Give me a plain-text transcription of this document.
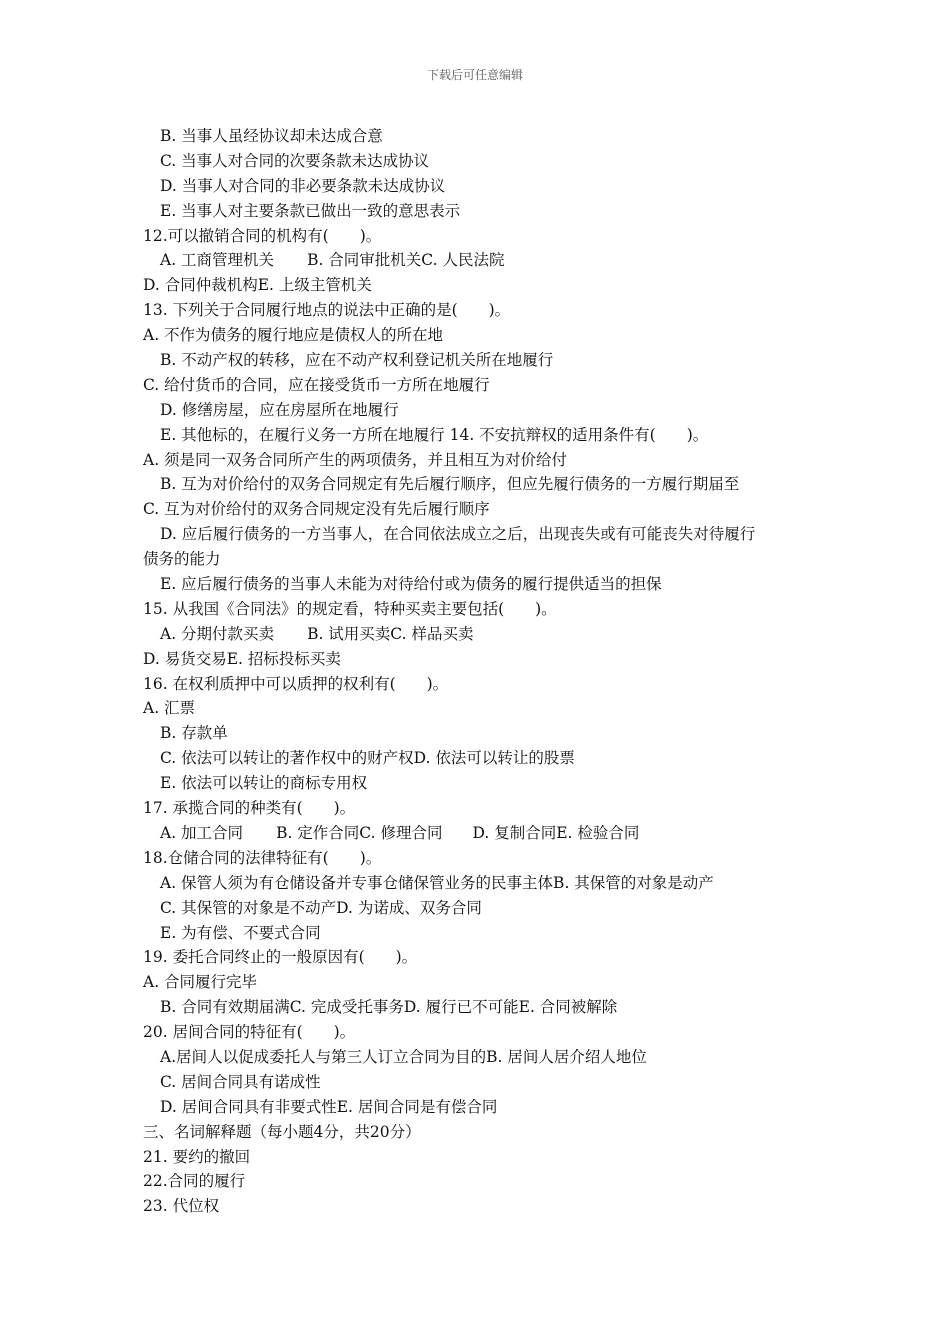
下载后可任意编辑
B. 当事人虽经协议却未达成合意
C. 当事人对合同的次要条款未达成协议
D. 当事人对合同的非必要条款未达成协议
E. 当事人对主要条款已做出一致的意思表示
12.可以撤销合同的机构有(　　)。
A. 工商管理机关 B. 合同审批机关C. 人民法院
D. 合同仲裁机构E. 上级主管机关
13. 下列关于合同履行地点的说法中正确的是(　　)。
A. 不作为债务的履行地应是债权人的所在地
B. 不动产权的转移，应在不动产权利登记机关所在地履行
C. 给付货币的合同，应在接受货币一方所在地履行
D. 修缮房屋，应在房屋所在地履行
E. 其他标的，在履行义务一方所在地履行 14. 不安抗辩权的适用条件有(　　)。
A. 须是同一双务合同所产生的两项债务，并且相互为对价给付
B. 互为对价给付的双务合同规定有先后履行顺序，但应先履行债务的一方履行期届至
C. 互为对价给付的双务合同规定没有先后履行顺序
D. 应后履行债务的一方当事人，在合同依法成立之后，出现丧失或有可能丧失对待履行
债务的能力
E. 应后履行债务的当事人未能为对待给付或为债务的履行提供适当的担保
15. 从我国《合同法》的规定看，特种买卖主要包括(　　)。
A. 分期付款买卖 B. 试用买卖C. 样品买卖
D. 易货交易E. 招标投标买卖
16. 在权利质押中可以质押的权利有(　　)。
A. 汇票
B. 存款单
C. 依法可以转让的著作权中的财产权D. 依法可以转让的股票
E. 依法可以转让的商标专用权
17. 承揽合同的种类有(　　)。
A. 加工合同 B. 定作合同C. 修理合同 D. 复制合同E. 检验合同
18.仓储合同的法律特征有(　　)。
A. 保管人须为有仓储设备并专事仓储保管业务的民事主体B. 其保管的对象是动产
C. 其保管的对象是不动产D. 为诺成、双务合同
E. 为有偿、不要式合同
19. 委托合同终止的一般原因有(　　)。
A. 合同履行完毕
B. 合同有效期届满C. 完成受托事务D. 履行已不可能E. 合同被解除
20. 居间合同的特征有(　　)。
A.居间人以促成委托人与第三人订立合同为目的B. 居间人居介绍人地位
C. 居间合同具有诺成性
D. 居间合同具有非要式性E. 居间合同是有偿合同
三、名词解释题（每小题4分，共20分）
21. 要约的撤回
22.合同的履行
23. 代位权
